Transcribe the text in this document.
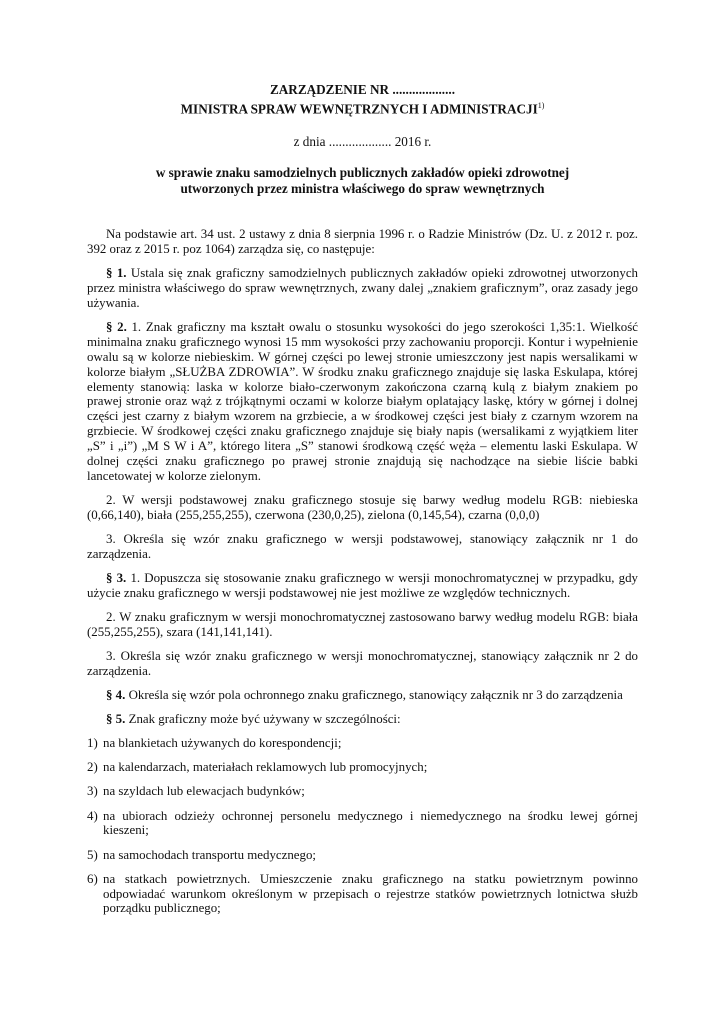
ZARZĄDZENIE NR ...................

MINISTRA SPRAW WEWNĘTRZNYCH I ADMINISTRACJI$^{1)}$

z dnia ................... 2016 r.
w sprawie znaku samodzielnych publicznych zakładów opieki zdrowotnej
utworzonych przez ministra właściwego do spraw wewnętrznych

Na podstawie art. 34 ust. 2 ustawy z dnia 8 sierpnia 1996 r. o Radzie Ministrów (Dz. U. z 2012 r. poz. 392 oraz z 2015 r. poz 1064) zarządza się, co następuje:

§ 1. Ustala się znak graficzny samodzielnych publicznych zakładów opieki zdrowotnej utworzonych przez ministra właściwego do spraw wewnętrznych, zwany dalej „znakiem graficznym”, oraz zasady jego używania.

§ 2. 1. Znak graficzny ma kształt owalu o stosunku wysokości do jego szerokości 1,35:1. Wielkość minimalna znaku graficznego wynosi 15 mm wysokości przy zachowaniu proporcji. Kontur i wypełnienie owalu są w kolorze niebieskim. W górnej części po lewej stronie umieszczony jest napis wersalikami w kolorze białym „SŁUŻBA ZDROWIA”. W środku znaku graficznego znajduje się laska Eskulapa, której elementy stanowią: laska w kolorze biało-czerwonym zakończona czarną kulą z białym znakiem po prawej stronie oraz wąż z trójkątnymi oczami w kolorze białym oplatający laskę, który w górnej i dolnej części jest czarny z białym wzorem na grzbiecie, a w środkowej części jest biały z czarnym wzorem na grzbiecie. W środkowej części znaku graficznego znajduje się biały napis (wersalikami z wyjątkiem liter „S” i „i”) „M S W i A”, którego litera „S” stanowi środkową część węża – elementu laski Eskulapa. W dolnej części znaku graficznego po prawej stronie znajdują się nachodzące na siebie liście babki lancetowatej w kolorze zielonym.

2. W wersji podstawowej znaku graficznego stosuje się barwy według modelu RGB: niebieska (0,66,140), biała (255,255,255), czerwona (230,0,25), zielona (0,145,54), czarna (0,0,0)

3. Określa się wzór znaku graficznego w wersji podstawowej, stanowiący załącznik nr 1 do zarządzenia.

§ 3. 1. Dopuszcza się stosowanie znaku graficznego w wersji monochromatycznej w przypadku, gdy użycie znaku graficznego w wersji podstawowej nie jest możliwe ze względów technicznych.

2. W znaku graficznym w wersji monochromatycznej zastosowano barwy według modelu RGB: biała (255,255,255), szara (141,141,141).

3. Określa się wzór znaku graficznego w wersji monochromatycznej, stanowiący załącznik nr 2 do zarządzenia.

§ 4. Określa się wzór pola ochronnego znaku graficznego, stanowiący załącznik nr 3 do zarządzenia

§ 5. Znak graficzny może być używany w szczególności:

1) na blankietach używanych do korespondencji;
2) na kalendarzach, materiałach reklamowych lub promocyjnych;
3) na szyldach lub elewacjach budynków;
4) na ubiorach odzieży ochronnej personelu medycznego i niemedycznego na środku lewej górnej kieszeni;
5) na samochodach transportu medycznego;
6) na statkach powietrznych. Umieszczenie znaku graficznego na statku powietrznym powinno odpowiadać warunkom określonym w przepisach o rejestrze statków powietrznych lotnictwa służb porządku publicznego;
